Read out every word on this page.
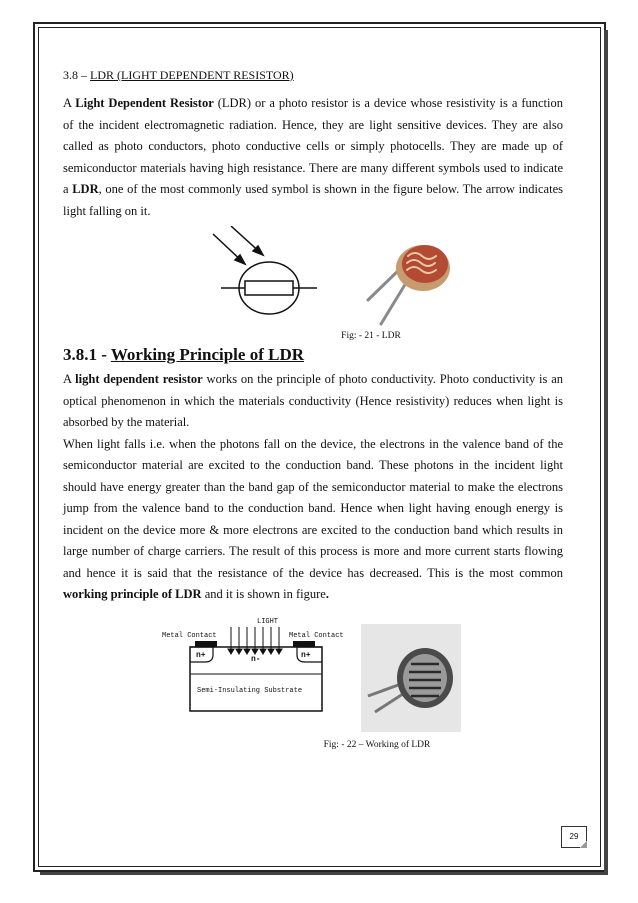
3.8 – LDR (LIGHT DEPENDENT RESISTOR)

A Light Dependent Resistor (LDR) or a photo resistor is a device whose resistivity is a function of the incident electromagnetic radiation. Hence, they are light sensitive devices. They are also called as photo conductors, photo conductive cells or simply photocells. They are made up of semiconductor materials having high resistance. There are many different symbols used to indicate a LDR, one of the most commonly used symbol is shown in the figure below. The arrow indicates light falling on it.

Fig: - 21 - LDR
3.8.1 - Working Principle of LDR

A light dependent resistor works on the principle of photo conductivity. Photo conductivity is an optical phenomenon in which the materials conductivity (Hence resistivity) reduces when light is absorbed by the material.

When light falls i.e. when the photons fall on the device, the electrons in the valence band of the semiconductor material are excited to the conduction band. These photons in the incident light should have energy greater than the band gap of the semiconductor material to make the electrons jump from the valence band to the conduction band. Hence when light having enough energy is incident on the device more & more electrons are excited to the conduction band which results in large number of charge carriers. The result of this process is more and more current starts flowing and hence it is said that the resistance of the device has decreased. This is the most common working principle of LDR and it is shown in figure.

LIGHT
Metal Contact	Metal Contact
n+	n+
n-
Semi-Insulating Substrate
Fig: - 22 – Working of LDR
29
